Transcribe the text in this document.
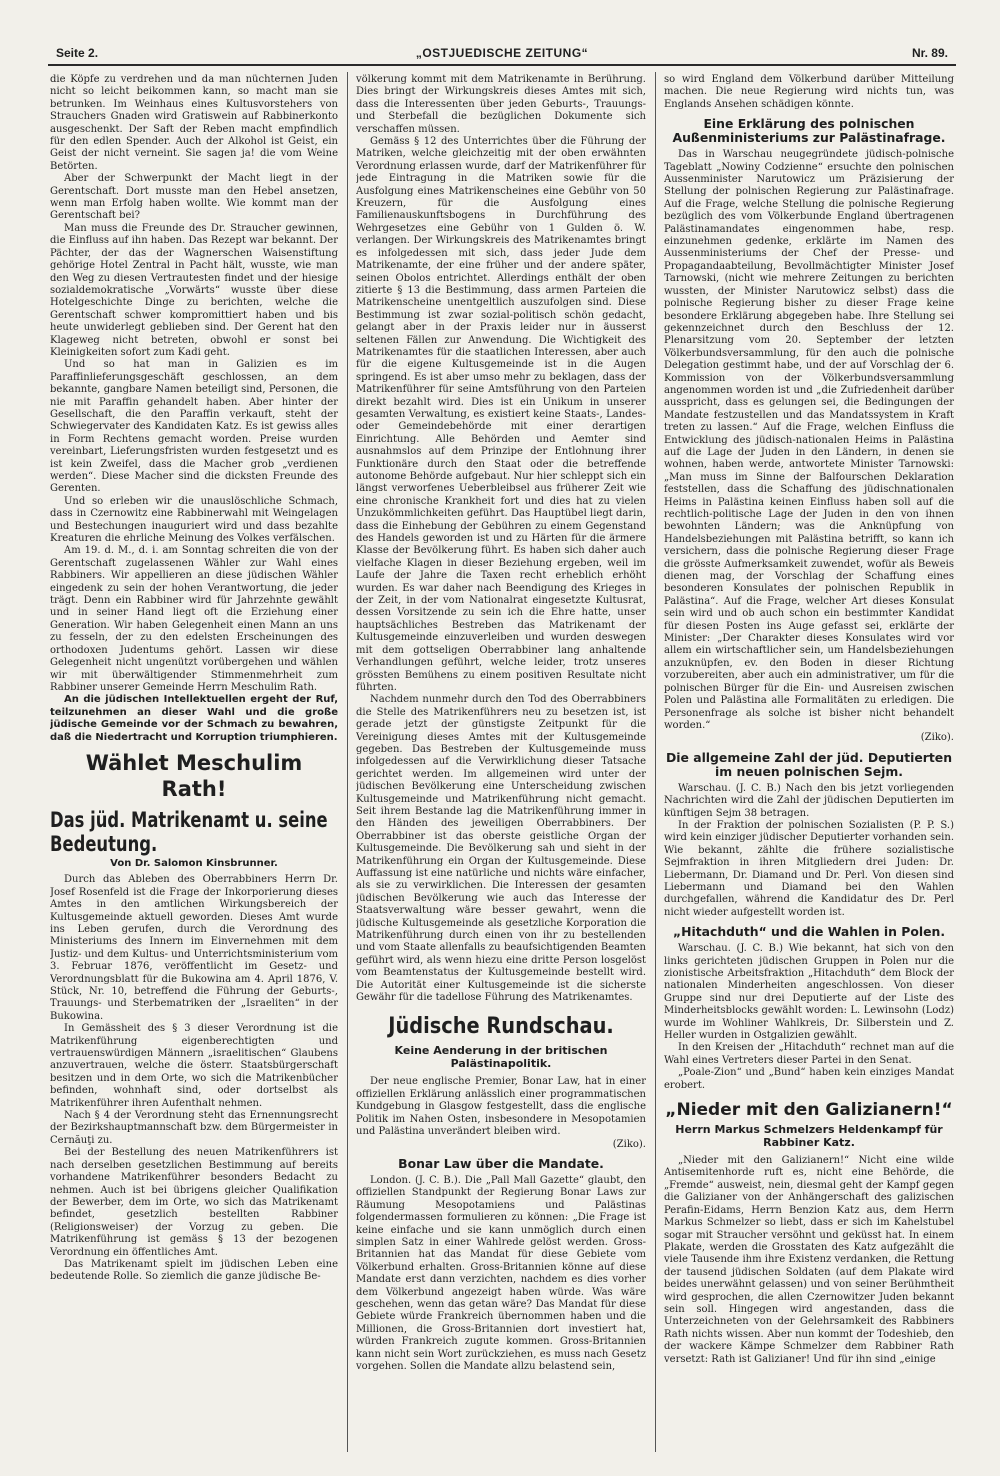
Seite 2.	„OSTJUEDISCHE ZEITUNG“	Nr. 89.

die Köpfe zu verdrehen und da man nüchternen Juden nicht so leicht beikommen kann, so macht man sie betrunken. Im Weinhaus eines Kultusvorstehers von Strauchers Gnaden wird Gratiswein auf Rabbinerkonto ausgeschenkt. Der Saft der Reben macht empfindlich für den edlen Spender. Auch der Alkohol ist Geist, ein Geist der nicht verneint. Sie sagen ja! die vom Weine Betörten.

Aber der Schwerpunkt der Macht liegt in der Gerentschaft. Dort musste man den Hebel ansetzen, wenn man Erfolg haben wollte. Wie kommt man der Gerentschaft bei?

Man muss die Freunde des Dr. Straucher gewinnen, die Einfluss auf ihn haben. Das Rezept war bekannt. Der Pächter, der das der Wagnerschen Waisenstiftung gehörige Hotel Zentral in Pacht hält, wusste, wie man den Weg zu diesen Vertrautesten findet und der hiesige sozialdemokratische „Vorwärts“ wusste über diese Hotelgeschichte Dinge zu berichten, welche die Gerentschaft schwer kompromittiert haben und bis heute unwiderlegt geblieben sind. Der Gerent hat den Klageweg nicht betreten, obwohl er sonst bei Kleinigkeiten sofort zum Kadi geht.

Und so hat man in Galizien es im Paraffinlieferungsgeschäft geschlossen, an dem bekannte, gangbare Namen beteiligt sind, Personen, die nie mit Paraffin gehandelt haben. Aber hinter der Gesellschaft, die den Paraffin verkauft, steht der Schwiegervater des Kandidaten Katz. Es ist gewiss alles in Form Rechtens gemacht worden. Preise wurden vereinbart, Lieferungsfristen wurden festgesetzt und es ist kein Zweifel, dass die Macher grob „verdienen werden“. Diese Macher sind die dicksten Freunde des Gerenten.

Und so erleben wir die unauslöschliche Schmach, dass in Czernowitz eine Rabbinerwahl mit Weingelagen und Bestechungen inauguriert wird und dass bezahlte Kreaturen die ehrliche Meinung des Volkes verfälschen.

Am 19. d. M., d. i. am Sonntag schreiten die von der Gerentschaft zugelassenen Wähler zur Wahl eines Rabbiners. Wir appellieren an diese jüdischen Wähler eingedenk zu sein der hohen Verantwortung, die jeder trägt. Denn ein Rabbiner wird für Jahrzehnte gewählt und in seiner Hand liegt oft die Erziehung einer Generation. Wir haben Gelegenheit einen Mann an uns zu fesseln, der zu den edelsten Erscheinungen des orthodoxen Judentums gehört. Lassen wir diese Gelegenheit nicht ungenützt vorübergehen und wählen wir mit überwältigender Stimmenmehrheit zum Rabbiner unserer Gemeinde Herrn Meschulim Rath.

An die jüdischen Intellektuellen ergeht der Ruf, teilzunehmen an dieser Wahl und die große jüdische Gemeinde vor der Schmach zu bewahren, daß die Niedertracht und Korruption triumphieren.

Wählet Meschulim Rath!
Das jüd. Matrikenamt u. seine Bedeutung.
Von Dr. Salomon Kinsbrunner.

Durch das Ableben des Oberrabbiners Herrn Dr. Josef Rosenfeld ist die Frage der Inkorporierung dieses Amtes in den amtlichen Wirkungsbereich der Kultusgemeinde aktuell geworden. Dieses Amt wurde ins Leben gerufen, durch die Verordnung des Ministeriums des Innern im Einvernehmen mit dem Justiz- und dem Kultus- und Unterrichtsministerium vom 3. Februar 1876, veröffentlicht im Gesetz- und Verordnungsblatt für die Bukowina am 4. April 1876, V. Stück, Nr. 10, betreffend die Führung der Geburts-, Trauungs- und Sterbematriken der „Israeliten“ in der Bukowina.

In Gemässheit des § 3 dieser Verordnung ist die Matrikenführung eigenberechtigten und vertrauenswürdigen Männern „israelitischen“ Glaubens anzuvertrauen, welche die österr. Staatsbürgerschaft besitzen und in dem Orte, wo sich die Matrikenbücher befinden, wohnhaft sind, oder dortselbst als Matrikenführer ihren Aufenthalt nehmen.

Nach § 4 der Verordnung steht das Ernennungsrecht der Bezirkshauptmannschaft bzw. dem Bürgermeister in Cernăuţi zu.

Bei der Bestellung des neuen Matrikenführers ist nach derselben gesetzlichen Bestimmung auf bereits vorhandene Matrikenführer besonders Bedacht zu nehmen. Auch ist bei übrigens gleicher Qualifikation der Bewerber, dem im Orte, wo sich das Matrikenamt befindet, gesetzlich bestellten Rabbiner (Religionsweiser) der Vorzug zu geben. Die Matrikenführung ist gemäss § 13 der bezogenen Verordnung ein öffentliches Amt.

Das Matrikenamt spielt im jüdischen Leben eine bedeutende Rolle. So ziemlich die ganze jüdische Be-

völkerung kommt mit dem Matrikenamte in Berührung. Dies bringt der Wirkungskreis dieses Amtes mit sich, dass die Interessenten über jeden Geburts-, Trauungs- und Sterbefall die bezüglichen Dokumente sich verschaffen müssen.

Gemäss § 12 des Unterrichtes über die Führung der Matriken, welche gleichzeitig mit der oben erwähnten Verordnung erlassen wurde, darf der Matrikenführer für jede Eintragung in die Matriken sowie für die Ausfolgung eines Matrikenscheines eine Gebühr von 50 Kreuzern, für die Ausfolgung eines Familienauskunftsbogens in Durchführung des Wehrgesetzes eine Gebühr von 1 Gulden ö. W. verlangen. Der Wirkungskreis des Matrikenamtes bringt es infolgedessen mit sich, dass jeder Jude dem Matrikenamte, der eine früher und der andere später, seinen Obolos entrichtet. Allerdings enthält der oben zitierte § 13 die Bestimmung, dass armen Parteien die Matrikenscheine unentgeltlich auszufolgen sind. Diese Bestimmung ist zwar sozial-politisch schön gedacht, gelangt aber in der Praxis leider nur in äusserst seltenen Fällen zur Anwendung. Die Wichtigkeit des Matrikenamtes für die staatlichen Interessen, aber auch für die eigene Kultusgemeinde ist in die Augen springend. Es ist aber umso mehr zu beklagen, dass der Matrikenführer für seine Amtsführung von den Parteien direkt bezahlt wird. Dies ist ein Unikum in unserer gesamten Verwaltung, es existiert keine Staats-, Landes- oder Gemeindebehörde mit einer derartigen Einrichtung. Alle Behörden und Aemter sind ausnahmslos auf dem Prinzipe der Entlohnung ihrer Funktionäre durch den Staat oder die betreffende autonome Behörde aufgebaut. Nur hier schleppt sich ein längst verworfenes Ueberbleibsel aus früherer Zeit wie eine chronische Krankheit fort und dies hat zu vielen Unzukömmlichkeiten geführt. Das Hauptübel liegt darin, dass die Einhebung der Gebühren zu einem Gegenstand des Handels geworden ist und zu Härten für die ärmere Klasse der Bevölkerung führt. Es haben sich daher auch vielfache Klagen in dieser Beziehung ergeben, weil im Laufe der Jahre die Taxen recht erheblich erhöht wurden. Es war daher nach Beendigung des Krieges in der Zeit, in der vom Nationalrat eingesetzte Kultusrat, dessen Vorsitzende zu sein ich die Ehre hatte, unser hauptsächliches Bestreben das Matrikenamt der Kultusgemeinde einzuverleiben und wurden deswegen mit dem gottseligen Oberrabbiner lang anhaltende Verhandlungen geführt, welche leider, trotz unseres grössten Bemühens zu einem positiven Resultate nicht führten.

Nachdem nunmehr durch den Tod des Oberrabbiners die Stelle des Matrikenführers neu zu besetzen ist, ist gerade jetzt der günstigste Zeitpunkt für die Vereinigung dieses Amtes mit der Kultusgemeinde gegeben. Das Bestreben der Kultusgemeinde muss infolgedessen auf die Verwirklichung dieser Tatsache gerichtet werden. Im allgemeinen wird unter der jüdischen Bevölkerung eine Unterscheidung zwischen Kultusgemeinde und Matrikenführung nicht gemacht. Seit ihrem Bestande lag die Matrikenführung immer in den Händen des jeweiligen Oberrabbiners. Der Oberrabbiner ist das oberste geistliche Organ der Kultusgemeinde. Die Bevölkerung sah und sieht in der Matrikenführung ein Organ der Kultusgemeinde. Diese Auffassung ist eine natürliche und nichts wäre einfacher, als sie zu verwirklichen. Die Interessen der gesamten jüdischen Bevölkerung wie auch das Interesse der Staatsverwaltung wäre besser gewahrt, wenn die jüdische Kultusgemeinde als gesetzliche Korporation die Matrikenführung durch einen von ihr zu bestellenden und vom Staate allenfalls zu beaufsichtigenden Beamten geführt wird, als wenn hiezu eine dritte Person losgelöst vom Beamtenstatus der Kultusgemeinde bestellt wird. Die Autorität einer Kultusgemeinde ist die sicherste Gewähr für die tadellose Führung des Matrikenamtes.

Jüdische Rundschau.
Keine Aenderung in der britischen Palästinapolitik.

Der neue englische Premier, Bonar Law, hat in einer offiziellen Erklärung anlässlich einer programmatischen Kundgebung in Glasgow festgestellt, dass die englische Politik im Nahen Osten, insbesondere in Mesopotamien und Palästina unverändert bleiben wird.

(Ziko).

Bonar Law über die Mandate.

London. (J. C. B.). Die „Pall Mall Gazette“ glaubt, den offiziellen Standpunkt der Regierung Bonar Laws zur Räumung Mesopotamiens und Palästinas folgendermassen formulieren zu können: „Die Frage ist keine einfache und sie kann unmöglich durch einen simplen Satz in einer Wahlrede gelöst werden. Gross-Britannien hat das Mandat für diese Gebiete vom Völkerbund erhalten. Gross-Britannien könne auf diese Mandate erst dann verzichten, nachdem es dies vorher dem Völkerbund angezeigt haben würde. Was wäre geschehen, wenn das getan wäre? Das Mandat für diese Gebiete würde Frankreich übernommen haben und die Millionen, die Gross-Britannien dort investiert hat, würden Frankreich zugute kommen. Gross-Britannien kann nicht sein Wort zurückziehen, es muss nach Gesetz vorgehen. Sollen die Mandate allzu belastend sein,

so wird England dem Völkerbund darüber Mitteilung machen. Die neue Regierung wird nichts tun, was Englands Ansehen schädigen könnte.

Eine Erklärung des polnischen Außenministeriums zur Palästinafrage.

Das in Warschau neugegründete jüdisch-polnische Tageblatt „Nowiny Codzienne“ ersuchte den polnischen Aussenminister Narutowicz um Präzisierung der Stellung der polnischen Regierung zur Palästinafrage. Auf die Frage, welche Stellung die polnische Regierung bezüglich des vom Völkerbunde England übertragenen Palästinamandates eingenommen habe, resp. einzunehmen gedenke, erklärte im Namen des Aussenministeriums der Chef der Presse- und Propagandaabteilung, Bevollmächtigter Minister Josef Tarnowski, (nicht wie mehrere Zeitungen zu berichten wussten, der Minister Narutowicz selbst) dass die polnische Regierung bisher zu dieser Frage keine besondere Erklärung abgegeben habe. Ihre Stellung sei gekennzeichnet durch den Beschluss der 12. Plenarsitzung vom 20. September der letzten Völkerbundsversammlung, für den auch die polnische Delegation gestimmt habe, und der auf Vorschlag der 6. Kommission von der Völkerbundsversammlung angenommen worden ist und „die Zufriedenheit darüber ausspricht, dass es gelungen sei, die Bedingungen der Mandate festzustellen und das Mandatssystem in Kraft treten zu lassen.“ Auf die Frage, welchen Einfluss die Entwicklung des jüdisch-nationalen Heims in Palästina auf die Lage der Juden in den Ländern, in denen sie wohnen, haben werde, antwortete Minister Tarnowski: „Man muss im Sinne der Balfourschen Deklaration feststellen, dass die Schaffung des jüdischnationalen Heims in Palästina keinen Einfluss haben soll auf die rechtlich-politische Lage der Juden in den von ihnen bewohnten Ländern; was die Anknüpfung von Handelsbeziehungen mit Palästina betrifft, so kann ich versichern, dass die polnische Regierung dieser Frage die grösste Aufmerksamkeit zuwendet, wofür als Beweis dienen mag, der Vorschlag der Schaffung eines besonderen Konsulates der polnischen Republik in Palästina“. Auf die Frage, welcher Art dieses Konsulat sein wird und ob auch schon ein bestimmter Kandidat für diesen Posten ins Auge gefasst sei, erklärte der Minister: „Der Charakter dieses Konsulates wird vor allem ein wirtschaftlicher sein, um Handelsbeziehungen anzuknüpfen, ev. den Boden in dieser Richtung vorzubereiten, aber auch ein administrativer, um für die polnischen Bürger für die Ein- und Ausreisen zwischen Polen und Palästina alle Formalitäten zu erledigen. Die Personenfrage als solche ist bisher nicht behandelt worden.“

(Ziko).

Die allgemeine Zahl der jüd. Deputierten im neuen polnischen Sejm.

Warschau. (J. C. B.) Nach den bis jetzt vorliegenden Nachrichten wird die Zahl der jüdischen Deputierten im künftigen Sejm 38 betragen.

In der Fraktion der polnischen Sozialisten (P. P. S.) wird kein einziger jüdischer Deputierter vorhanden sein. Wie bekannt, zählte die frühere sozialistische Sejmfraktion in ihren Mitgliedern drei Juden: Dr. Liebermann, Dr. Diamand und Dr. Perl. Von diesen sind Liebermann und Diamand bei den Wahlen durchgefallen, während die Kandidatur des Dr. Perl nicht wieder aufgestellt worden ist.

„Hitachduth“ und die Wahlen in Polen.

Warschau. (J. C. B.) Wie bekannt, hat sich von den links gerichteten jüdischen Gruppen in Polen nur die zionistische Arbeitsfraktion „Hitachduth“ dem Block der nationalen Minderheiten angeschlossen. Von dieser Gruppe sind nur drei Deputierte auf der Liste des Minderheitsblocks gewählt worden: L. Lewinsohn (Lodz) wurde im Wohliner Wahlkreis, Dr. Silberstein und Z. Heller wurden in Ostgalizien gewählt.

In den Kreisen der „Hitachduth“ rechnet man auf die Wahl eines Vertreters dieser Partei in den Senat.

„Poale-Zion“ und „Bund“ haben kein einziges Mandat erobert.

„Nieder mit den Galizianern!“
Herrn Markus Schmelzers Heldenkampf für Rabbiner Katz.

„Nieder mit den Galizianern!“ Nicht eine wilde Antisemitenhorde ruft es, nicht eine Behörde, die „Fremde“ ausweist, nein, diesmal geht der Kampf gegen die Galizianer von der Anhängerschaft des galizischen Perafin-Eidams, Herrn Benzion Katz aus, dem Herrn Markus Schmelzer so liebt, dass er sich im Kahelstubel sogar mit Straucher versöhnt und geküsst hat. In einem Plakate, werden die Grosstaten des Katz aufgezählt die viele Tausende ihm ihre Existenz verdanken, die Rettung der tausend jüdischen Soldaten (auf dem Plakate wird beides unerwähnt gelassen) und von seiner Berühmtheit wird gesprochen, die allen Czernowitzer Juden bekannt sein soll. Hingegen wird angestanden, dass die Unterzeichneten von der Gelehrsamkeit des Rabbiners Rath nichts wissen. Aber nun kommt der Todeshieb, den der wackere Kämpe Schmelzer dem Rabbiner Rath versetzt: Rath ist Galizianer! Und für ihn sind „einige
